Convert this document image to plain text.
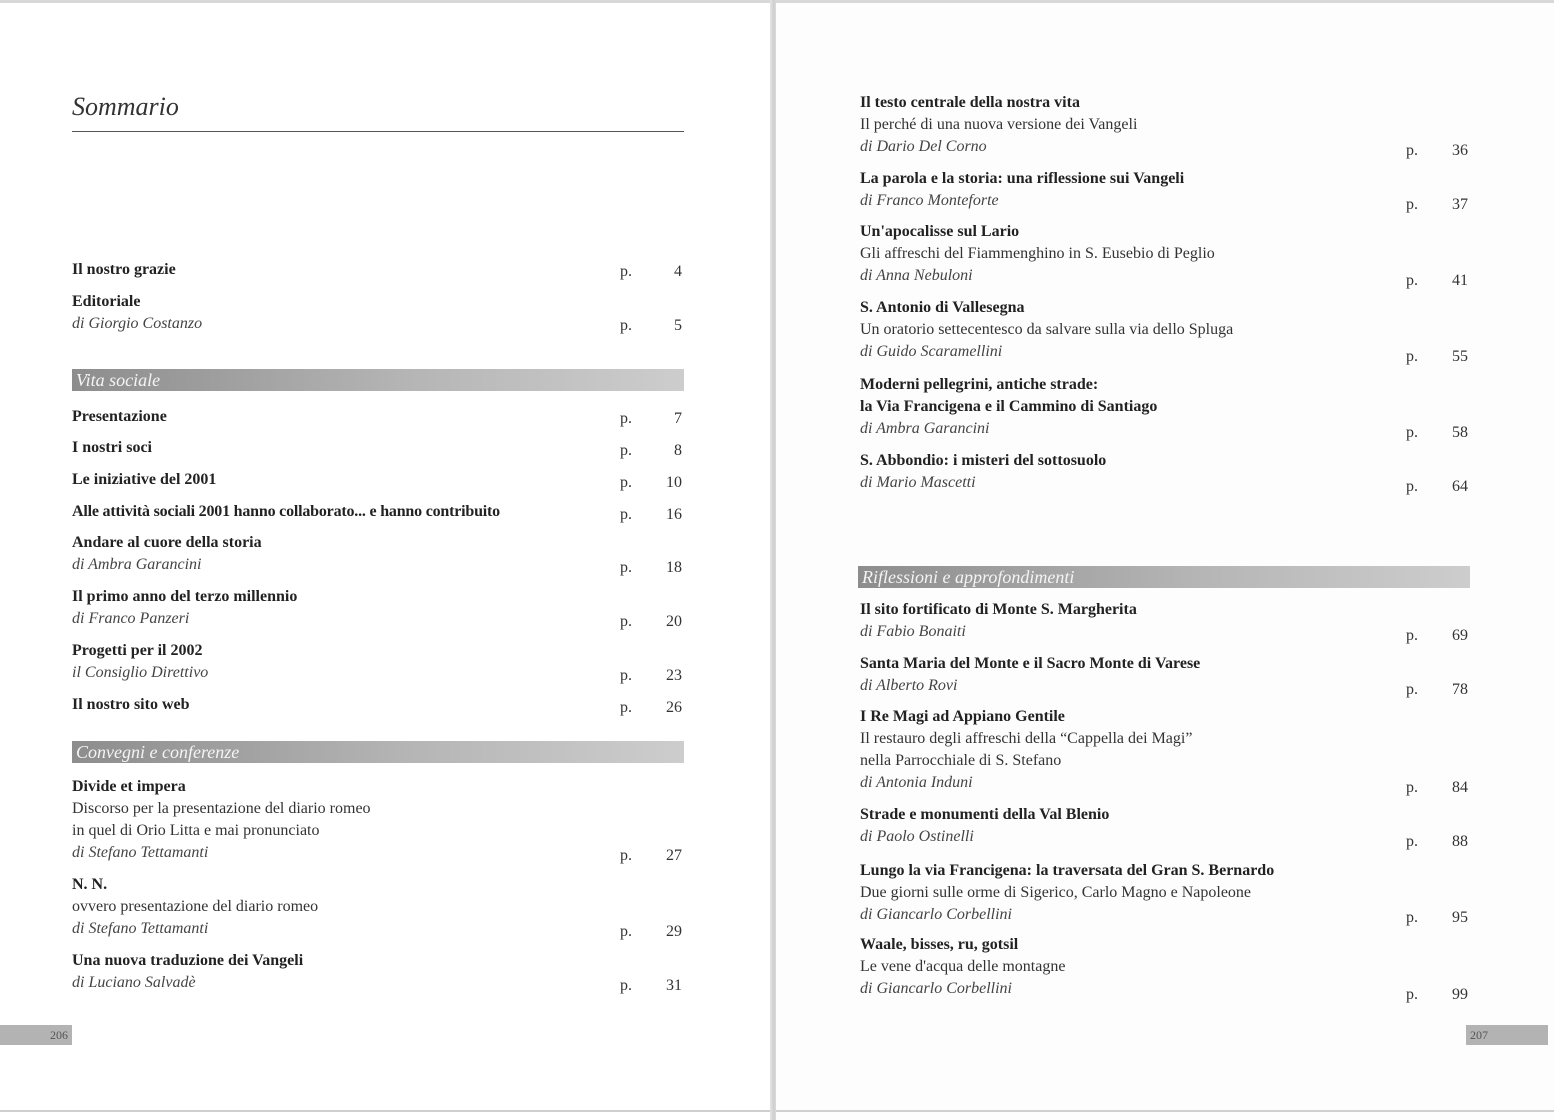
Sommario
Il nostro grazie	p.	4
Editoriale
di Giorgio Costanzo	p.	5
Vita sociale
Presentazione	p.	7
I nostri soci	p.	8
Le iniziative del 2001	p. 10
Alle attività sociali 2001 hanno collaborato... e hanno contribuito	p. 16
Andare al cuore della storia
di Ambra Garancini	p. 18
Il primo anno del terzo millennio
di Franco Panzeri	p. 20
Progetti per il 2002
il Consiglio Direttivo	p. 23
Il nostro sito web	p. 26
Convegni e conferenze
Divide et impera
Discorso per la presentazione del diario romeo
in quel di Orio Litta e mai pronunciato
di Stefano Tettamanti	p. 27
N. N.
ovvero presentazione del diario romeo
di Stefano Tettamanti	p. 29
Una nuova traduzione dei Vangeli
di Luciano Salvadè	p. 31
206
Il testo centrale della nostra vita
Il perché di una nuova versione dei Vangeli
di Dario Del Corno	p. 36
La parola e la storia: una riflessione sui Vangeli
di Franco Monteforte	p. 37
Un'apocalisse sul Lario
Gli affreschi del Fiammenghino in S. Eusebio di Peglio
di Anna Nebuloni	p. 41
S. Antonio di Vallesegna
Un oratorio settecentesco da salvare sulla via dello Spluga
di Guido Scaramellini	p. 55
Moderni pellegrini, antiche strade:
la Via Francigena e il Cammino di Santiago
di Ambra Garancini	p. 58
S. Abbondio: i misteri del sottosuolo
di Mario Mascetti	p. 64
Riflessioni e approfondimenti
Il sito fortificato di Monte S. Margherita
di Fabio Bonaiti	p. 69
Santa Maria del Monte e il Sacro Monte di Varese
di Alberto Rovi	p. 78
I Re Magi ad Appiano Gentile
Il restauro degli affreschi della “Cappella dei Magi”
nella Parrocchiale di S. Stefano
di Antonia Induni	p. 84
Strade e monumenti della Val Blenio
di Paolo Ostinelli	p. 88
Lungo la via Francigena: la traversata del Gran S. Bernardo
Due giorni sulle orme di Sigerico, Carlo Magno e Napoleone
di Giancarlo Corbellini	p. 95
Waale, bisses, ru, gotsil
Le vene d'acqua delle montagne
di Giancarlo Corbellini	p. 99
207
